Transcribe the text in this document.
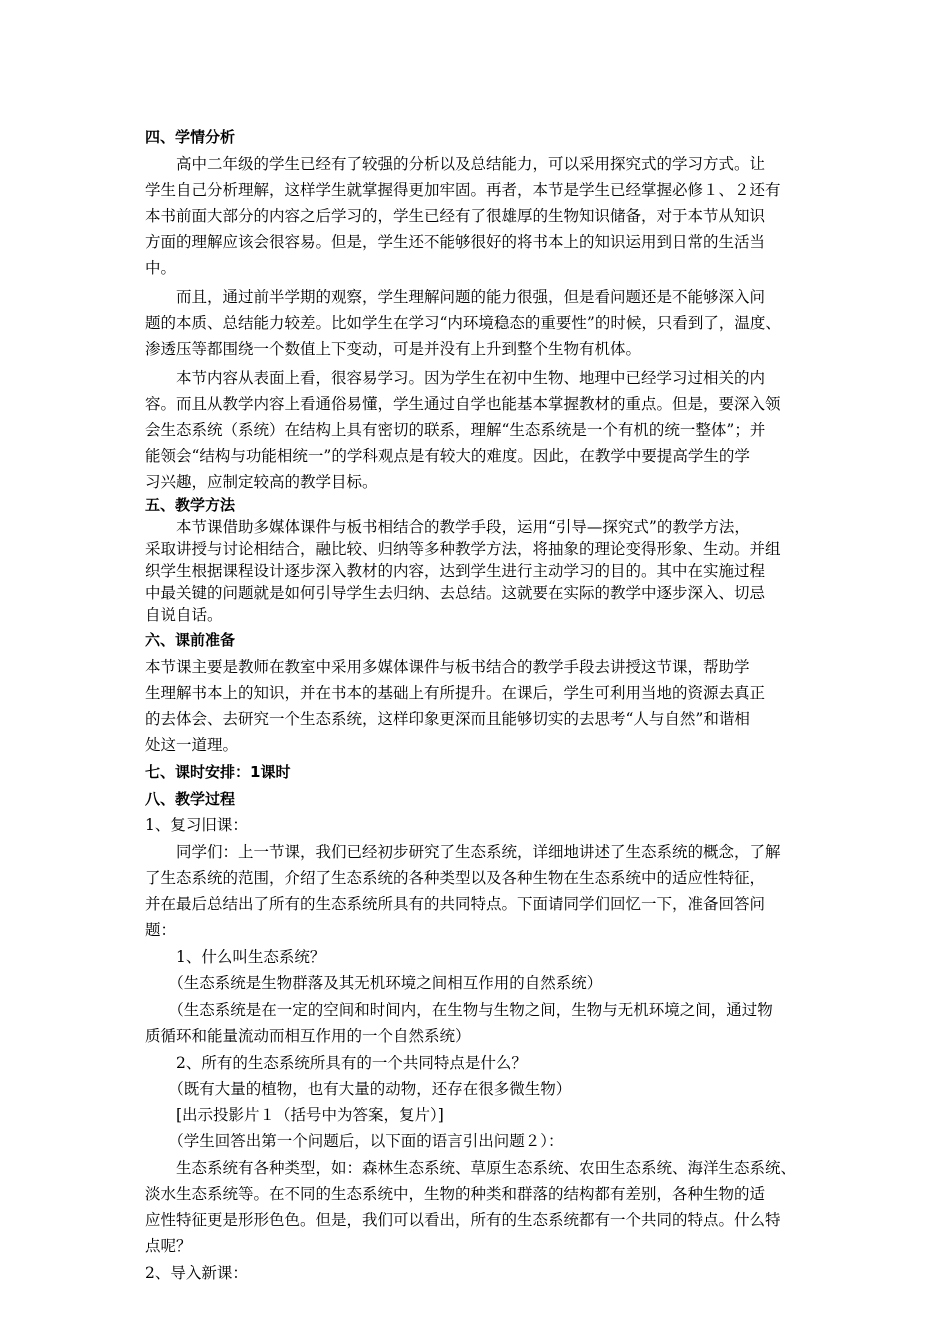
四、学情分析
　　高中二年级的学生已经有了较强的分析以及总结能力，可以采用探究式的学习方式。让
学生自己分析理解，这样学生就掌握得更加牢固。再者，本节是学生已经掌握必修１、２还有
本书前面大部分的内容之后学习的，学生已经有了很雄厚的生物知识储备，对于本节从知识
方面的理解应该会很容易。但是，学生还不能够很好的将书本上的知识运用到日常的生活当
中。
　　而且，通过前半学期的观察，学生理解问题的能力很强，但是看问题还是不能够深入问
题的本质、总结能力较差。比如学生在学习“内环境稳态的重要性”的时候，只看到了，温度、
渗透压等都围绕一个数值上下变动，可是并没有上升到整个生物有机体。
　　本节内容从表面上看，很容易学习。因为学生在初中生物、地理中已经学习过相关的内
容。而且从教学内容上看通俗易懂，学生通过自学也能基本掌握教材的重点。但是，要深入领
会生态系统（系统）在结构上具有密切的联系，理解“生态系统是一个有机的统一整体”；并
能领会“结构与功能相统一”的学科观点是有较大的难度。因此，在教学中要提高学生的学
习兴趣，应制定较高的教学目标。
五、教学方法
　　本节课借助多媒体课件与板书相结合的教学手段，运用“引导—探究式”的教学方法，
采取讲授与讨论相结合，融比较、归纳等多种教学方法，将抽象的理论变得形象、生动。并组
织学生根据课程设计逐步深入教材的内容，达到学生进行主动学习的目的。其中在实施过程
中最关键的问题就是如何引导学生去归纳、去总结。这就要在实际的教学中逐步深入、切忌
自说自话。
六、课前准备
本节课主要是教师在教室中采用多媒体课件与板书结合的教学手段去讲授这节课，帮助学
生理解书本上的知识，并在书本的基础上有所提升。在课后，学生可利用当地的资源去真正
的去体会、去研究一个生态系统，这样印象更深而且能够切实的去思考“人与自然”和谐相
处这一道理。
七、课时安排：1课时
八、教学过程
1、复习旧课：
　　同学们：上一节课，我们已经初步研究了生态系统，详细地讲述了生态系统的概念，了解
了生态系统的范围，介绍了生态系统的各种类型以及各种生物在生态系统中的适应性特征，
并在最后总结出了所有的生态系统所具有的共同特点。下面请同学们回忆一下，准备回答问
题：
　　1、什么叫生态系统？
　　（生态系统是生物群落及其无机环境之间相互作用的自然系统）
　　（生态系统是在一定的空间和时间内，在生物与生物之间，生物与无机环境之间，通过物
质循环和能量流动而相互作用的一个自然系统）
　　2、所有的生态系统所具有的一个共同特点是什么？
　　（既有大量的植物，也有大量的动物，还存在很多微生物）
　　[出示投影片１（括号中为答案，复片）]
　　（学生回答出第一个问题后，以下面的语言引出问题２）：
　　生态系统有各种类型，如：森林生态系统、草原生态系统、农田生态系统、海洋生态系统、
淡水生态系统等。在不同的生态系统中，生物的种类和群落的结构都有差别，各种生物的适
应性特征更是形形色色。但是，我们可以看出，所有的生态系统都有一个共同的特点。什么特
点呢？
2、导入新课：
